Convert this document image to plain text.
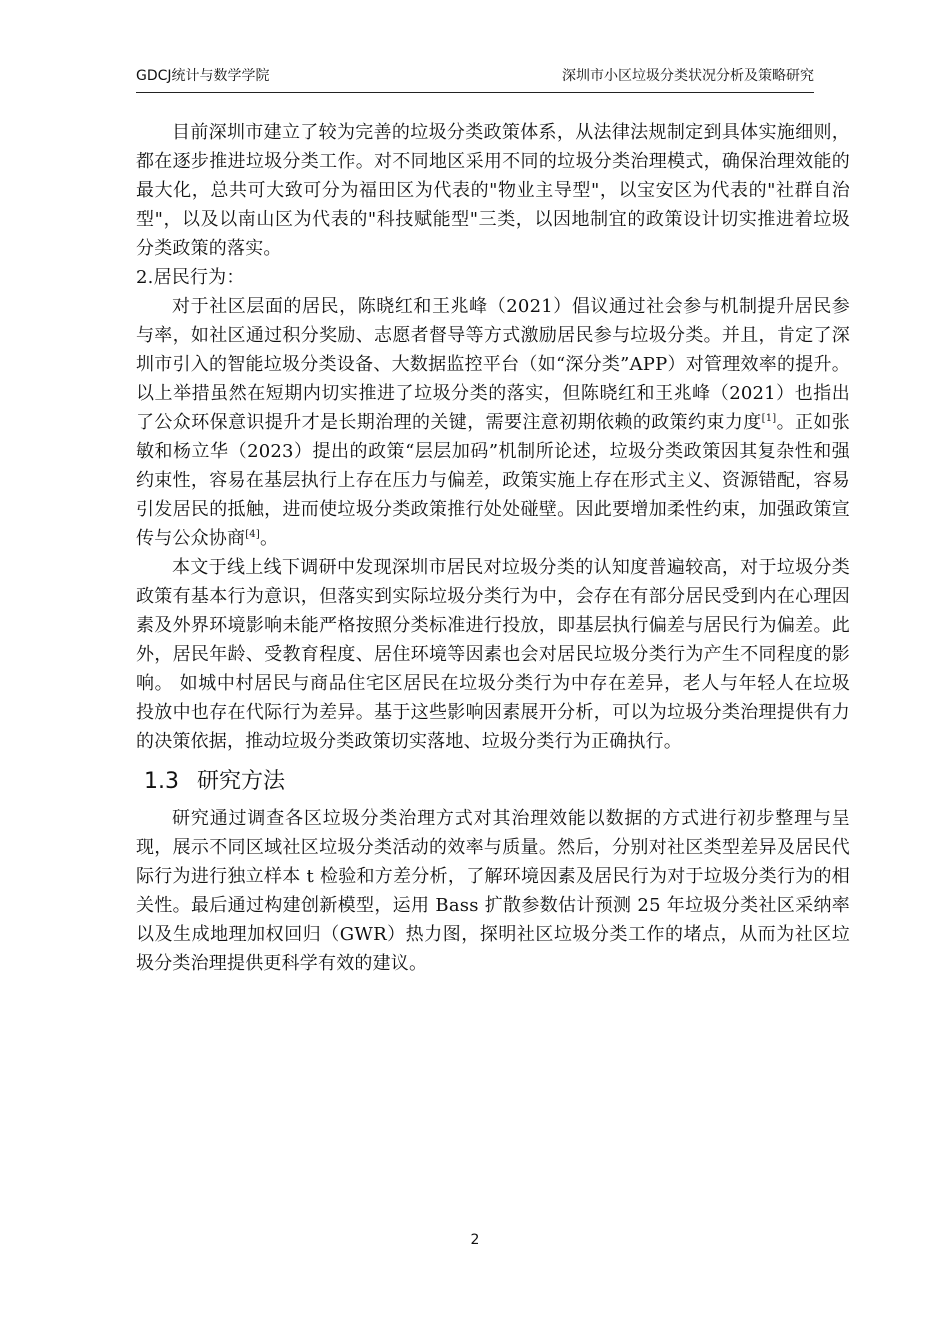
GDCJ统计与数学学院	深圳市小区垃圾分类状况分析及策略研究

目前深圳市建立了较为完善的垃圾分类政策体系，从法律法规制定到具体实施细则，都在逐步推进垃圾分类工作。对不同地区采用不同的垃圾分类治理模式，确保治理效能的最大化，总共可大致可分为福田区为代表的"物业主导型"，以宝安区为代表的"社群自治型"，以及以南山区为代表的"科技赋能型"三类，以因地制宜的政策设计切实推进着垃圾分类政策的落实。

2.居民行为：

对于社区层面的居民，陈晓红和王兆峰（2021）倡议通过社会参与机制提升居民参与率，如社区通过积分奖励、志愿者督导等方式激励居民参与垃圾分类。并且，肯定了深圳市引入的智能垃圾分类设备、大数据监控平台（如“深分类”APP）对管理效率的提升。以上举措虽然在短期内切实推进了垃圾分类的落实，但陈晓红和王兆峰（2021）也指出了公众环保意识提升才是长期治理的关键，需要注意初期依赖的政策约束力度[1]。正如张敏和杨立华（2023）提出的政策“层层加码”机制所论述，垃圾分类政策因其复杂性和强约束性，容易在基层执行上存在压力与偏差，政策实施上存在形式主义、资源错配，容易引发居民的抵触，进而使垃圾分类政策推行处处碰壁。因此要增加柔性约束，加强政策宣传与公众协商[4]。

本文于线上线下调研中发现深圳市居民对垃圾分类的认知度普遍较高，对于垃圾分类政策有基本行为意识，但落实到实际垃圾分类行为中，会存在有部分居民受到内在心理因素及外界环境影响未能严格按照分类标准进行投放，即基层执行偏差与居民行为偏差。此外，居民年龄、受教育程度、居住环境等因素也会对居民垃圾分类行为产生不同程度的影响。 如城中村居民与商品住宅区居民在垃圾分类行为中存在差异，老人与年轻人在垃圾投放中也存在代际行为差异。基于这些影响因素展开分析，可以为垃圾分类治理提供有力的决策依据，推动垃圾分类政策切实落地、垃圾分类行为正确执行。

1.3 研究方法

研究通过调查各区垃圾分类治理方式对其治理效能以数据的方式进行初步整理与呈现，展示不同区域社区垃圾分类活动的效率与质量。然后，分别对社区类型差异及居民代际行为进行独立样本 t 检验和方差分析，了解环境因素及居民行为对于垃圾分类行为的相关性。最后通过构建创新模型，运用 Bass 扩散参数估计预测 25 年垃圾分类社区采纳率以及生成地理加权回归（GWR）热力图，探明社区垃圾分类工作的堵点，从而为社区垃圾分类治理提供更科学有效的建议。

2
